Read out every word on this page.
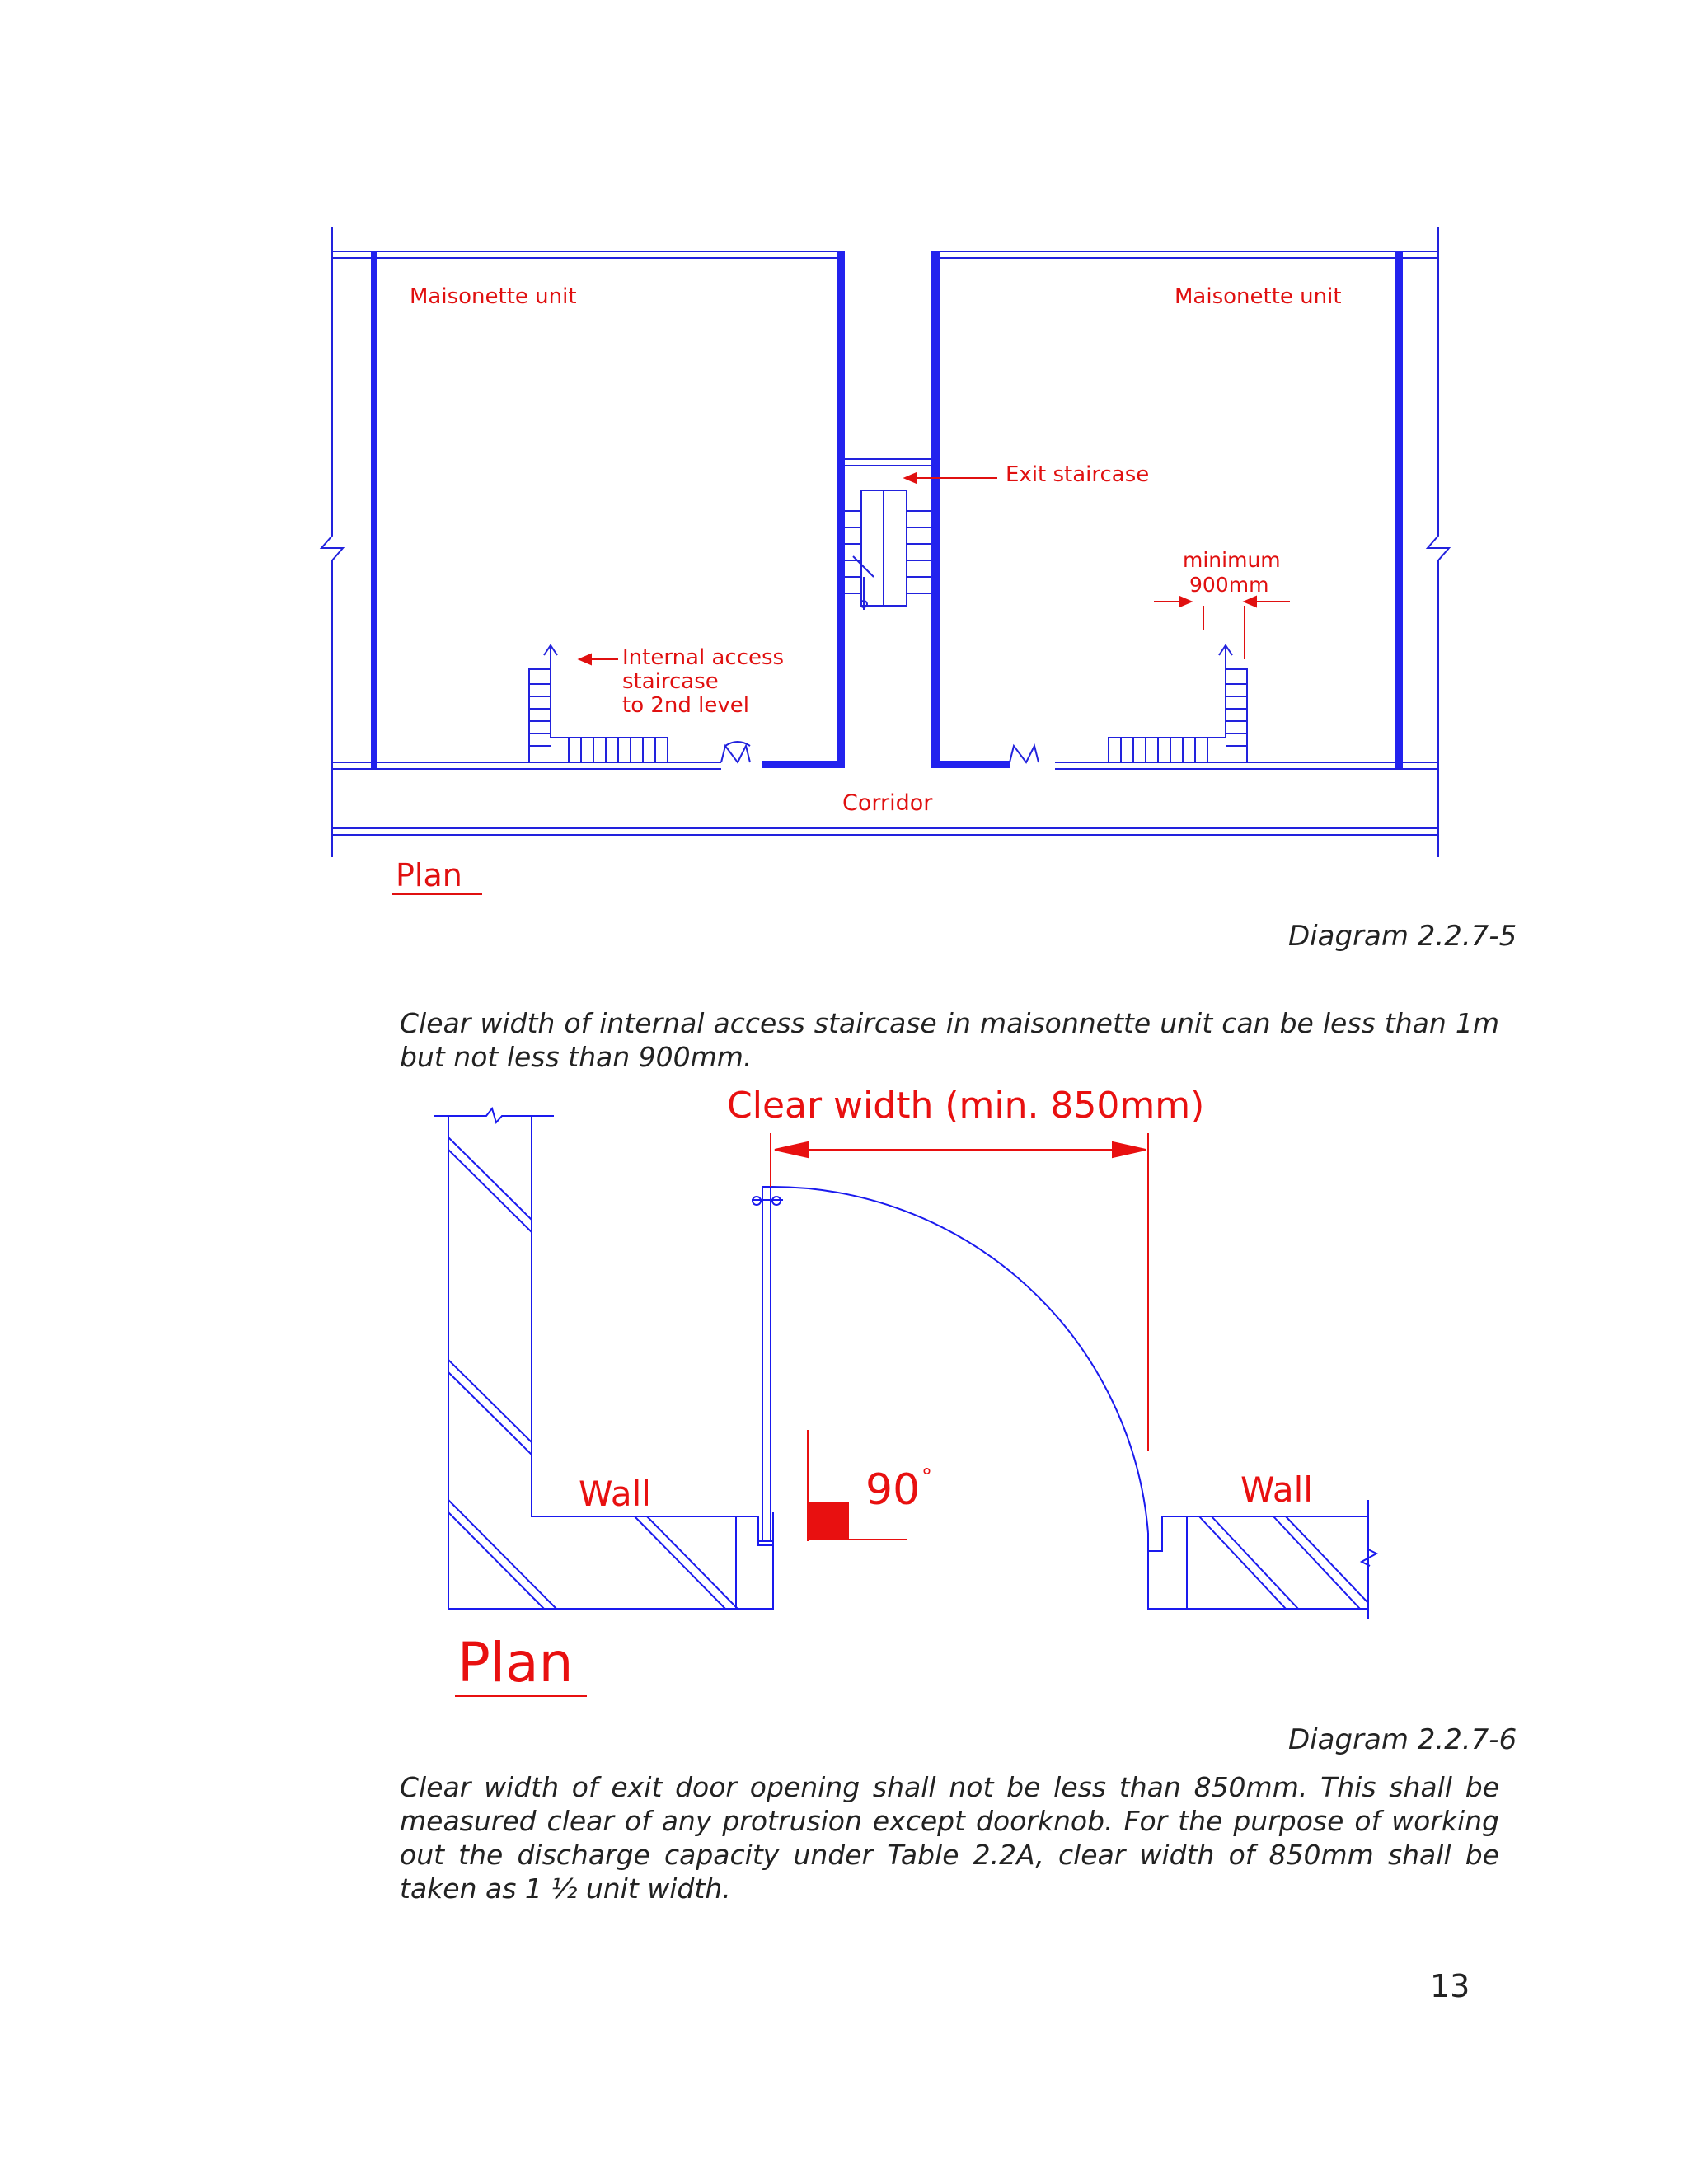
Maisonette unit	Maisonette unit
Exit staircase
minimum
900mm
Internal access
staircase
to 2nd level
Corridor
Plan
Diagram 2.2.7-5

Clear width of internal access staircase in maisonnette unit can be less than 1m but not less than 900mm.

Clear width (min. 850mm)
90 °
Wall	Wall
Plan
Diagram 2.2.7-6

Clear width of exit door opening shall not be less than 850mm. This shall be measured clear of any protrusion except doorknob. For the purpose of working out the discharge capacity under Table 2.2A, clear width of 850mm shall be taken as 1 ½ unit width.

13
